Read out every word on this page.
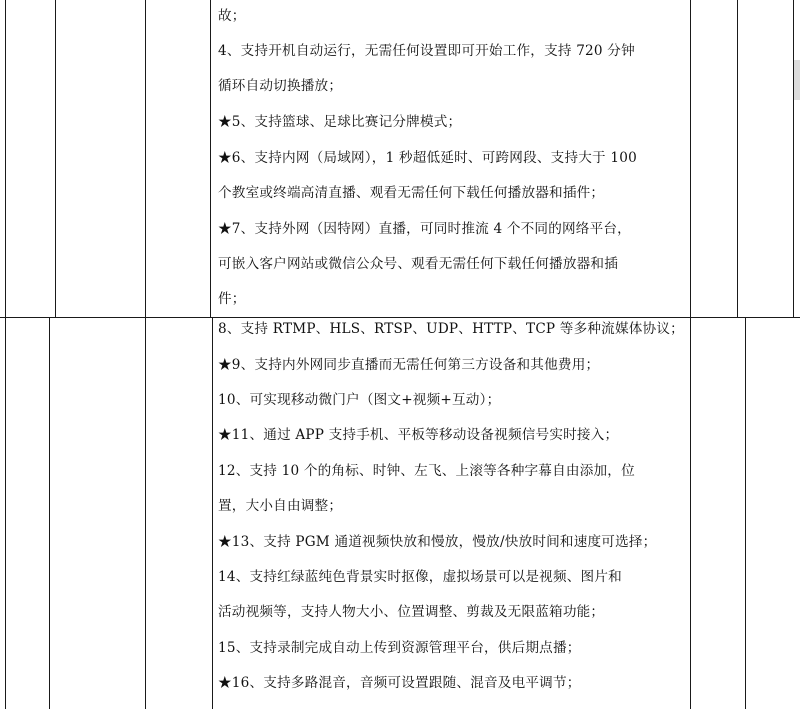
故；
4、支持开机自动运行，无需任何设置即可开始工作，支持 720 分钟
循环自动切换播放；
★5、支持篮球、足球比赛记分牌模式；
★6、支持内网（局域网），1 秒超低延时、可跨网段、支持大于 100
个教室或终端高清直播、观看无需任何下载任何播放器和插件；
★7、支持外网（因特网）直播，可同时推流 4 个不同的网络平台，
可嵌入客户网站或微信公众号、观看无需任何下载任何播放器和插
件；
8、支持 RTMP、HLS、RTSP、UDP、HTTP、TCP 等多种流媒体协议；
★9、支持内外网同步直播而无需任何第三方设备和其他费用；
10、可实现移动微门户（图文+视频+互动）；
★11、通过 APP 支持手机、平板等移动设备视频信号实时接入；
12、支持 10 个的角标、时钟、左飞、上滚等各种字幕自由添加，位
置，大小自由调整；
★13、支持 PGM 通道视频快放和慢放，慢放/快放时间和速度可选择；
14、支持红绿蓝纯色背景实时抠像，虚拟场景可以是视频、图片和
活动视频等，支持人物大小、位置调整、剪裁及无限蓝箱功能；
15、支持录制完成自动上传到资源管理平台，供后期点播；
★16、支持多路混音，音频可设置跟随、混音及电平调节；
